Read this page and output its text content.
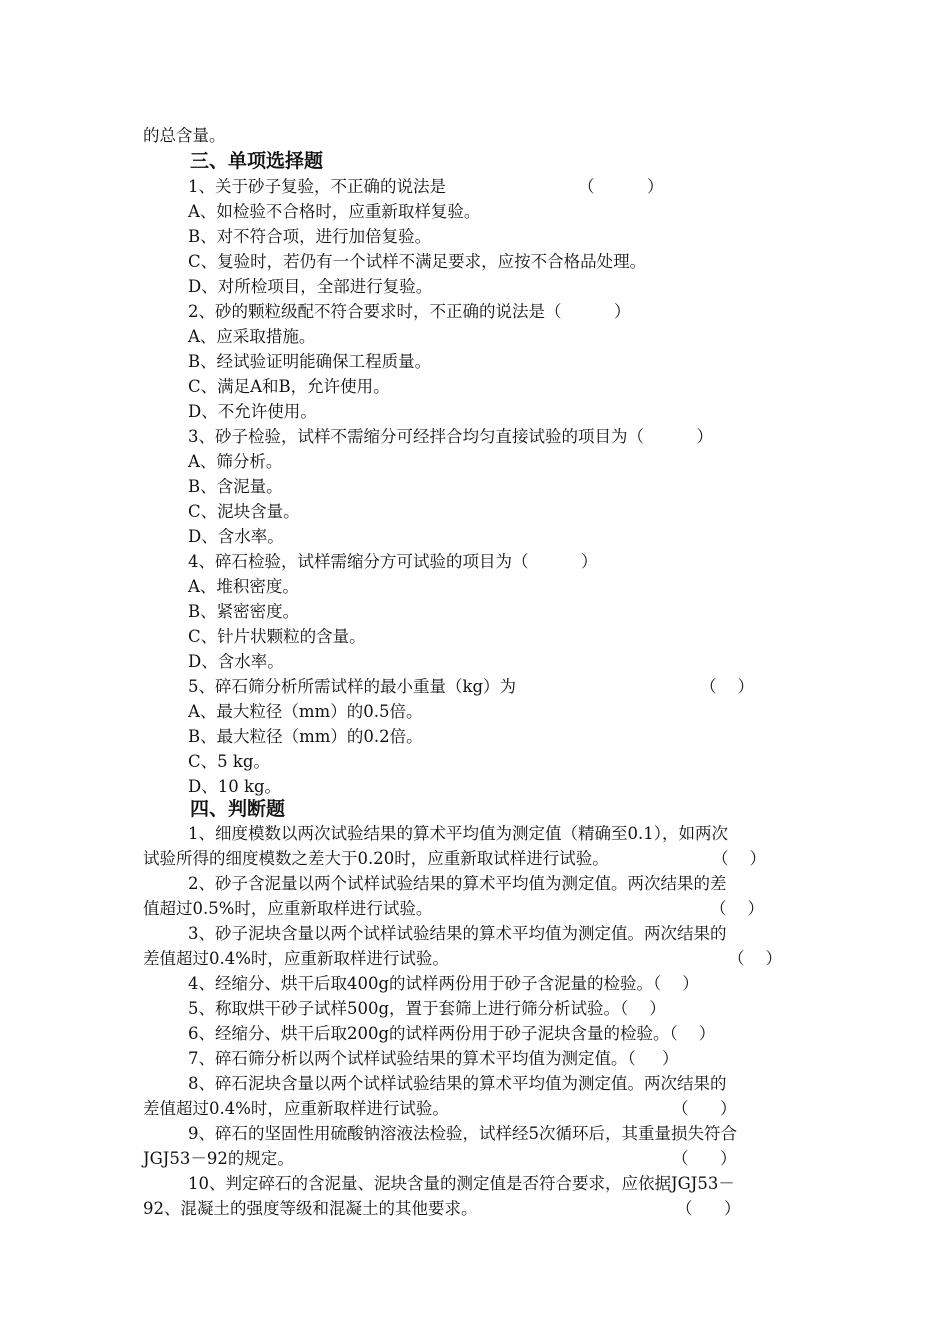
的总含量。
三、单项选择题
1、关于砂子复验，不正确的说法是	（          ）
A、如检验不合格时，应重新取样复验。
B、对不符合项，进行加倍复验。
C、复验时，若仍有一个试样不满足要求，应按不合格品处理。
D、对所检项目，全部进行复验。
2、砂的颗粒级配不符合要求时，不正确的说法是（          ）
A、应采取措施。
B、经试验证明能确保工程质量。
C、满足A和B，允许使用。
D、不允许使用。
3、砂子检验，试样不需缩分可经拌合均匀直接试验的项目为（          ）
A、筛分析。
B、含泥量。
C、泥块含量。
D、含水率。
4、碎石检验，试样需缩分方可试验的项目为（          ）
A、堆积密度。
B、紧密密度。
C、针片状颗粒的含量。
D、含水率。
5、碎石筛分析所需试样的最小重量（kg）为	（    ）
A、最大粒径（mm）的0.5倍。
B、最大粒径（mm）的0.2倍。
C、5 kg。
D、10 kg。
四、判断题
1、细度模数以两次试验结果的算术平均值为测定值（精确至0.1），如两次
试验所得的细度模数之差大于0.20时，应重新取试样进行试验。	（    ）
2、砂子含泥量以两个试样试验结果的算术平均值为测定值。两次结果的差
值超过0.5%时，应重新取样进行试验。	（    ）
3、砂子泥块含量以两个试样试验结果的算术平均值为测定值。两次结果的
差值超过0.4%时，应重新取样进行试验。	（    ）
4、经缩分、烘干后取400g的试样两份用于砂子含泥量的检验。（    ）
5、称取烘干砂子试样500g，置于套筛上进行筛分析试验。（    ）
6、经缩分、烘干后取200g的试样两份用于砂子泥块含量的检验。（    ）
7、碎石筛分析以两个试样试验结果的算术平均值为测定值。（     ）
8、碎石泥块含量以两个试样试验结果的算术平均值为测定值。两次结果的
差值超过0.4%时，应重新取样进行试验。	（      ）
9、碎石的坚固性用硫酸钠溶液法检验，试样经5次循环后，其重量损失符合
JGJ53－92的规定。	（      ）
10、判定碎石的含泥量、泥块含量的测定值是否符合要求，应依据JGJ53－
92、混凝土的强度等级和混凝土的其他要求。	（      ）
